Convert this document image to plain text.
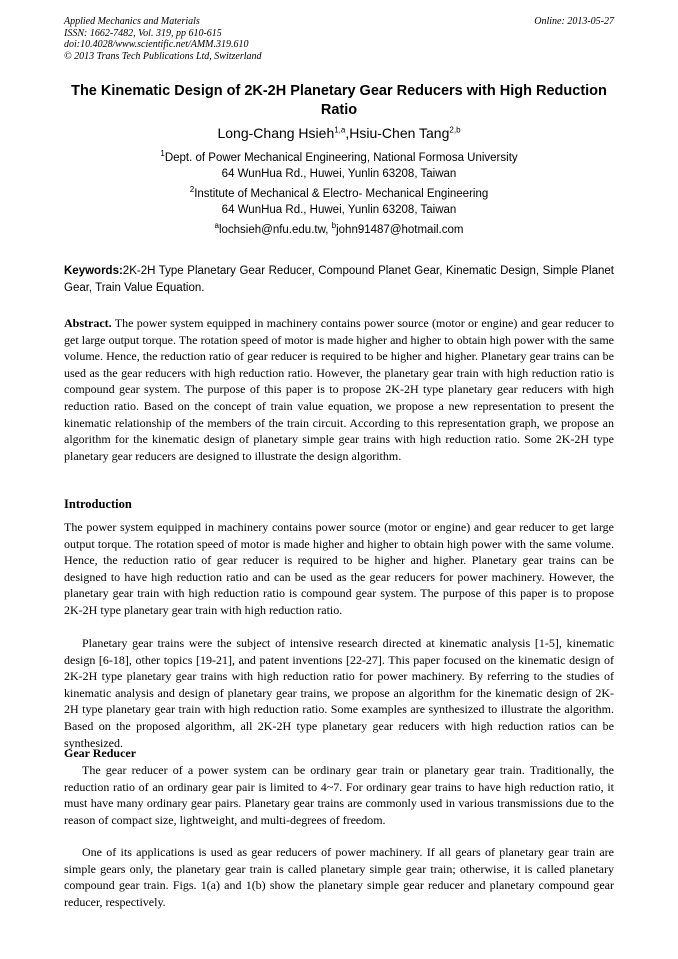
Applied Mechanics and Materials
ISSN: 1662-7482, Vol. 319, pp 610-615
doi:10.4028/www.scientific.net/AMM.319.610
© 2013 Trans Tech Publications Ltd, Switzerland
Online: 2013-05-27
The Kinematic Design of 2K-2H Planetary Gear Reducers with High Reduction Ratio
Long-Chang Hsieh$^{1,a}$,Hsiu-Chen Tang$^{2,b}$
$^1$Dept. of Power Mechanical Engineering, National Formosa University
64 WunHua Rd., Huwei, Yunlin 63208, Taiwan
$^2$Institute of Mechanical & Electro- Mechanical Engineering
64 WunHua Rd., Huwei, Yunlin 63208, Taiwan
$^a$lochsieh@nfu.edu.tw, $^b$john91487@hotmail.com

Keywords:2K-2H Type Planetary Gear Reducer, Compound Planet Gear, Kinematic Design, Simple Planet Gear, Train Value Equation.

Abstract. The power system equipped in machinery contains power source (motor or engine) and gear reducer to get large output torque. The rotation speed of motor is made higher and higher to obtain high power with the same volume. Hence, the reduction ratio of gear reducer is required to be higher and higher. Planetary gear trains can be used as the gear reducers with high reduction ratio. However, the planetary gear train with high reduction ratio is compound gear system. The purpose of this paper is to propose 2K-2H type planetary gear reducers with high reduction ratio. Based on the concept of train value equation, we propose a new representation to present the kinematic relationship of the members of the train circuit. According to this representation graph, we propose an algorithm for the kinematic design of planetary simple gear trains with high reduction ratio. Some 2K-2H type planetary gear reducers are designed to illustrate the design algorithm.

Introduction

The power system equipped in machinery contains power source (motor or engine) and gear reducer to get large output torque. The rotation speed of motor is made higher and higher to obtain high power with the same volume. Hence, the reduction ratio of gear reducer is required to be higher and higher. Planetary gear trains can be designed to have high reduction ratio and can be used as the gear reducers for power machinery. However, the planetary gear train with high reduction ratio is compound gear system. The purpose of this paper is to propose 2K-2H type planetary gear train with high reduction ratio.

Planetary gear trains were the subject of intensive research directed at kinematic analysis [1-5], kinematic design [6-18], other topics [19-21], and patent inventions [22-27]. This paper focused on the kinematic design of 2K-2H type planetary gear trains with high reduction ratio for power machinery. By referring to the studies of kinematic analysis and design of planetary gear trains, we propose an algorithm for the kinematic design of 2K-2H type planetary gear train with high reduction ratio. Some examples are synthesized to illustrate the algorithm. Based on the proposed algorithm, all 2K-2H type planetary gear reducers with high reduction ratios can be synthesized.

Gear Reducer

The gear reducer of a power system can be ordinary gear train or planetary gear train. Traditionally, the reduction ratio of an ordinary gear pair is limited to 4~7. For ordinary gear trains to have high reduction ratio, it must have many ordinary gear pairs. Planetary gear trains are commonly used in various transmissions due to the reason of compact size, lightweight, and multi-degrees of freedom.

One of its applications is used as gear reducers of power machinery. If all gears of planetary gear train are simple gears only, the planetary gear train is called planetary simple gear train; otherwise, it is called planetary compound gear train. Figs. 1(a) and 1(b) show the planetary simple gear reducer and planetary compound gear reducer, respectively.
